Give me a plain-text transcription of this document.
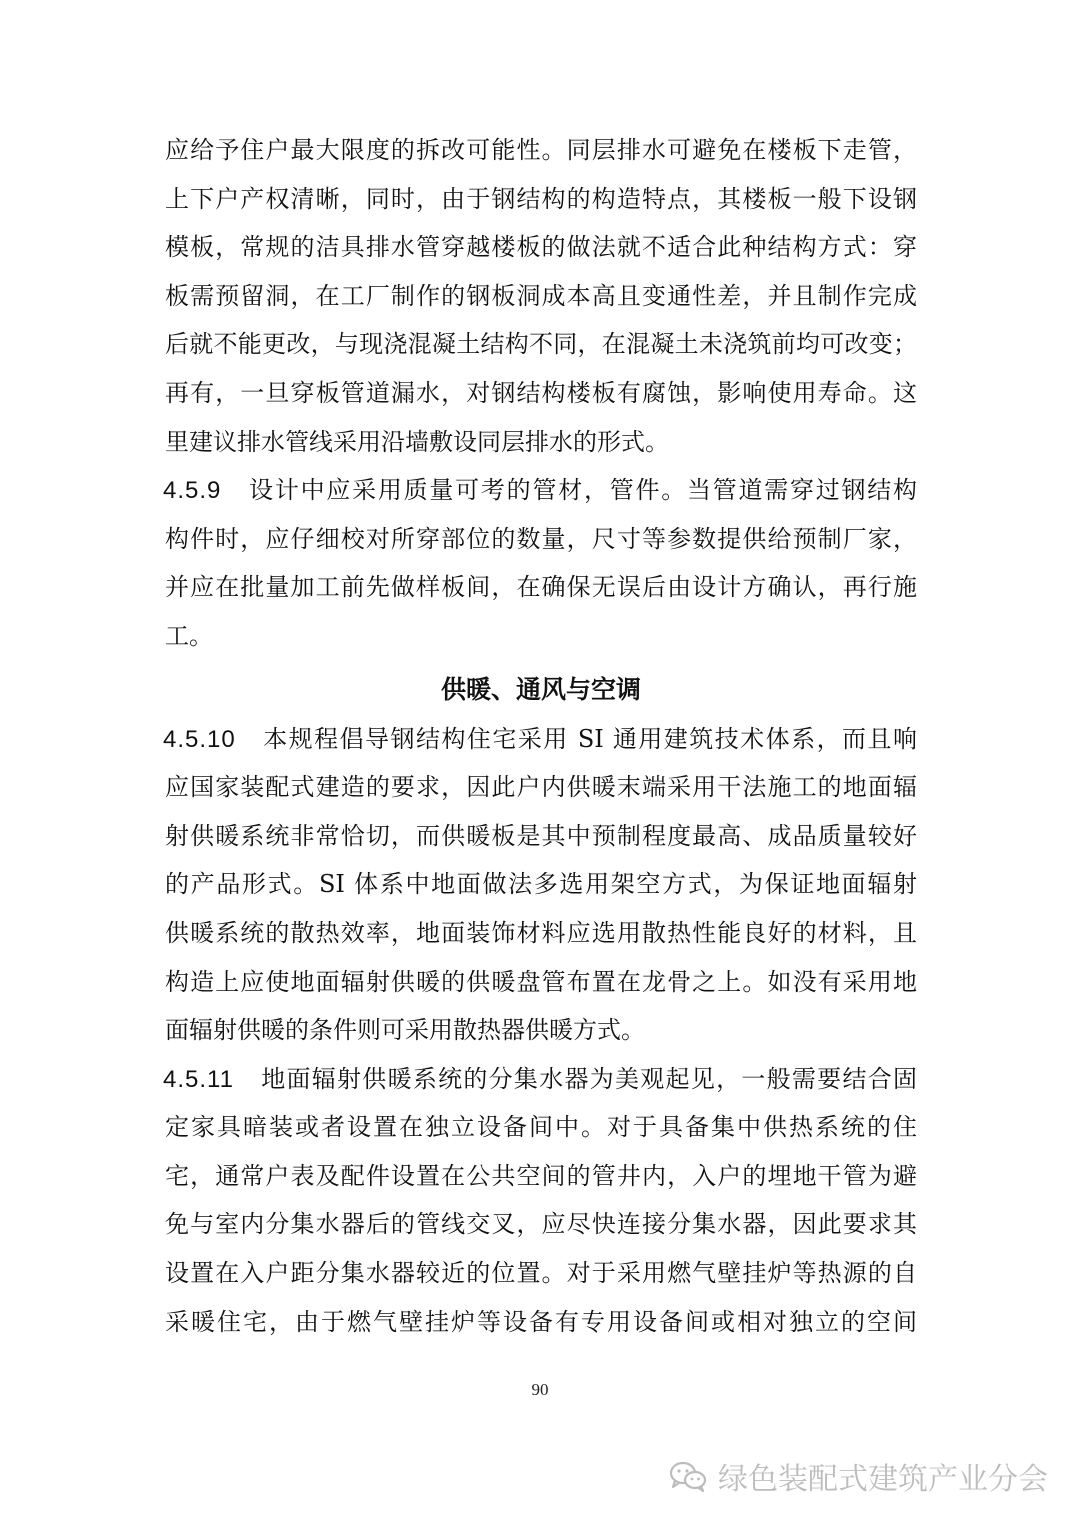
应给予住户最大限度的拆改可能性。同层排水可避免在楼板下走管，
上下户产权清晰，同时，由于钢结构的构造特点，其楼板一般下设钢
模板，常规的洁具排水管穿越楼板的做法就不适合此种结构方式：穿
板需预留洞，在工厂制作的钢板洞成本高且变通性差，并且制作完成
后就不能更改，与现浇混凝土结构不同，在混凝土未浇筑前均可改变；
再有，一旦穿板管道漏水，对钢结构楼板有腐蚀，影响使用寿命。这
里建议排水管线采用沿墙敷设同层排水的形式。
4.5.9 设计中应采用质量可考的管材，管件。当管道需穿过钢结构
构件时，应仔细校对所穿部位的数量，尺寸等参数提供给预制厂家，
并应在批量加工前先做样板间，在确保无误后由设计方确认，再行施
工。
供暖、通风与空调
4.5.10 本规程倡导钢结构住宅采用 SI 通用建筑技术体系，而且响
应国家装配式建造的要求，因此户内供暖末端采用干法施工的地面辐
射供暖系统非常恰切，而供暖板是其中预制程度最高、成品质量较好
的产品形式。SI 体系中地面做法多选用架空方式，为保证地面辐射
供暖系统的散热效率，地面装饰材料应选用散热性能良好的材料，且
构造上应使地面辐射供暖的供暖盘管布置在龙骨之上。如没有采用地
面辐射供暖的条件则可采用散热器供暖方式。
4.5.11 地面辐射供暖系统的分集水器为美观起见，一般需要结合固
定家具暗装或者设置在独立设备间中。对于具备集中供热系统的住
宅，通常户表及配件设置在公共空间的管井内，入户的埋地干管为避
免与室内分集水器后的管线交叉，应尽快连接分集水器，因此要求其
设置在入户距分集水器较近的位置。对于采用燃气壁挂炉等热源的自
采暖住宅，由于燃气壁挂炉等设备有专用设备间或相对独立的空间
90
绿色装配式建筑产业分会
